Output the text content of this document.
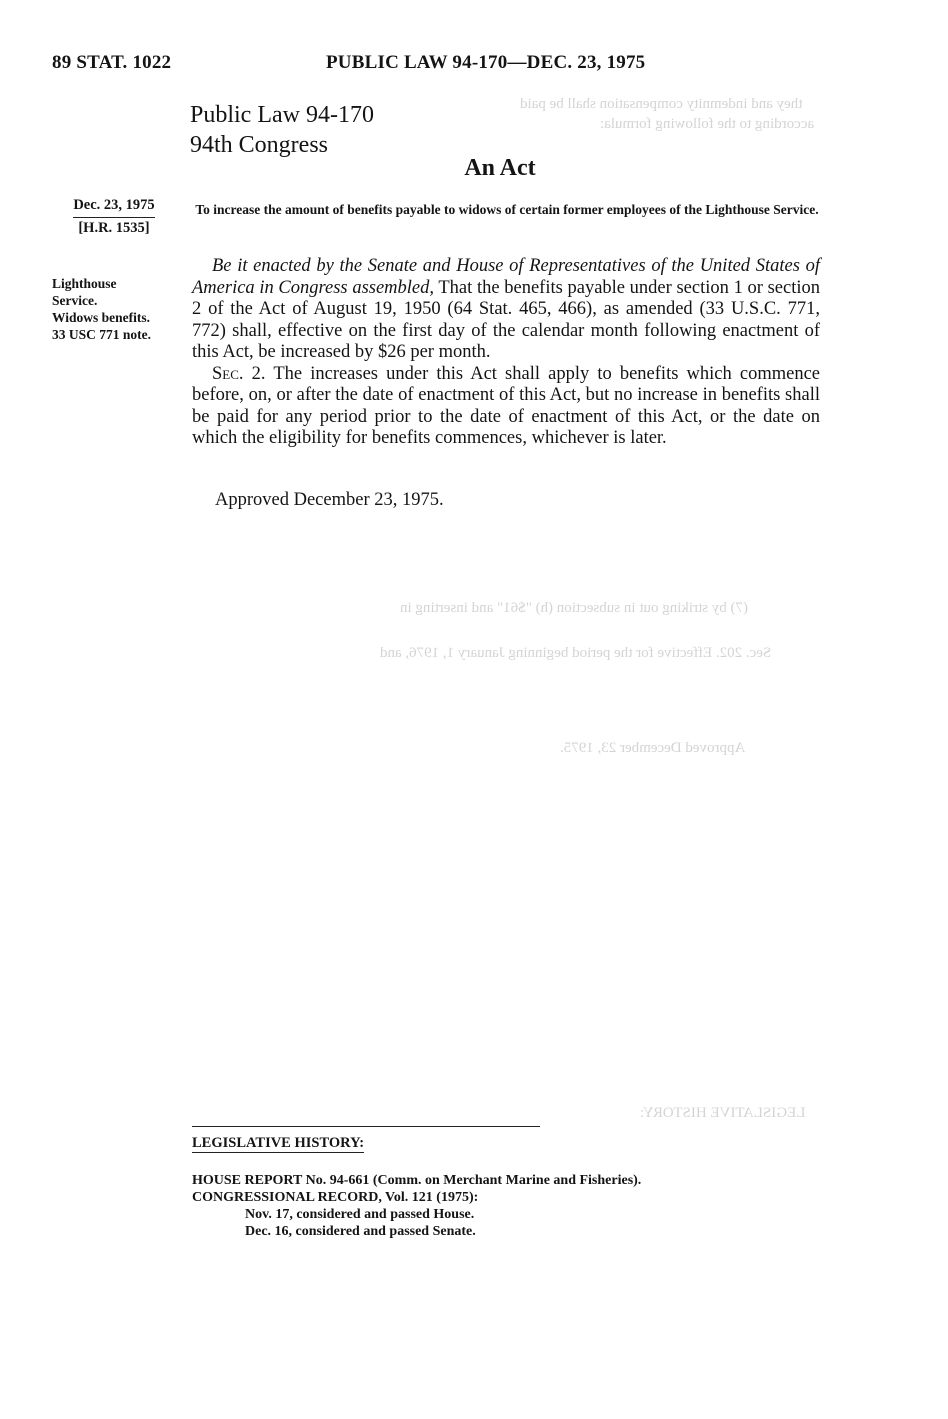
they and indemnity compensation shall be paid
according to the following formula:
(7) by striking out in subsection (h) "$61" and inserting in
Sec. 202. Effective for the period beginning January 1, 1976, and
Approved December 23, 1975.
LEGISLATIVE HISTORY:
89 STAT. 1022	PUBLIC LAW 94-170—DEC. 23, 1975
Public Law 94-170
94th Congress
An Act
Dec. 23, 1975
[H.R. 1535]
To increase the amount of benefits payable to widows of certain former employees of the Lighthouse Service.
Lighthouse
Service.
Widows benefits.
33 USC 771 note.

Be it enacted by the Senate and House of Representatives of the United States of America in Congress assembled, That the benefits payable under section 1 or section 2 of the Act of August 19, 1950 (64 Stat. 465, 466), as amended (33 U.S.C. 771, 772) shall, effective on the first day of the calendar month following enactment of this Act, be increased by $26 per month.

Sec. 2. The increases under this Act shall apply to benefits which commence before, on, or after the date of enactment of this Act, but no increase in benefits shall be paid for any period prior to the date of enactment of this Act, or the date on which the eligibility for benefits commences, whichever is later.

Approved December 23, 1975.
LEGISLATIVE HISTORY:
HOUSE REPORT No. 94-661 (Comm. on Merchant Marine and Fisheries).
CONGRESSIONAL RECORD, Vol. 121 (1975):
Nov. 17, considered and passed House.
Dec. 16, considered and passed Senate.
